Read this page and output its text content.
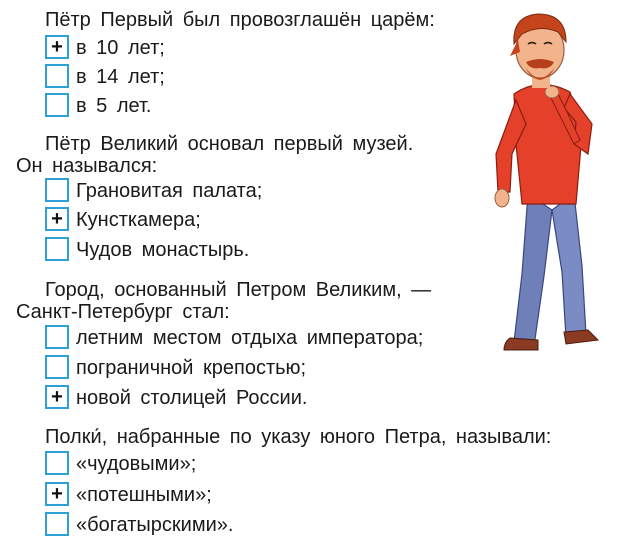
Пётр Первый был провозглашён царём:
+ в 10 лет;
в 14 лет;
в 5 лет.
Пётр Великий основал первый музей.
Он назывался:
Грановитая палата;
+ Кунсткамера;
Чудов монастырь.
Город, основанный Петром Великим, —
Санкт-Петербург стал:
летним местом отдыха императора;
пограничной крепостью;
+ новой столицей России.
Полки́, набранные по указу юного Петра, называли:
«чудовыми»;
+ «потешными»;
«богатырскими».
